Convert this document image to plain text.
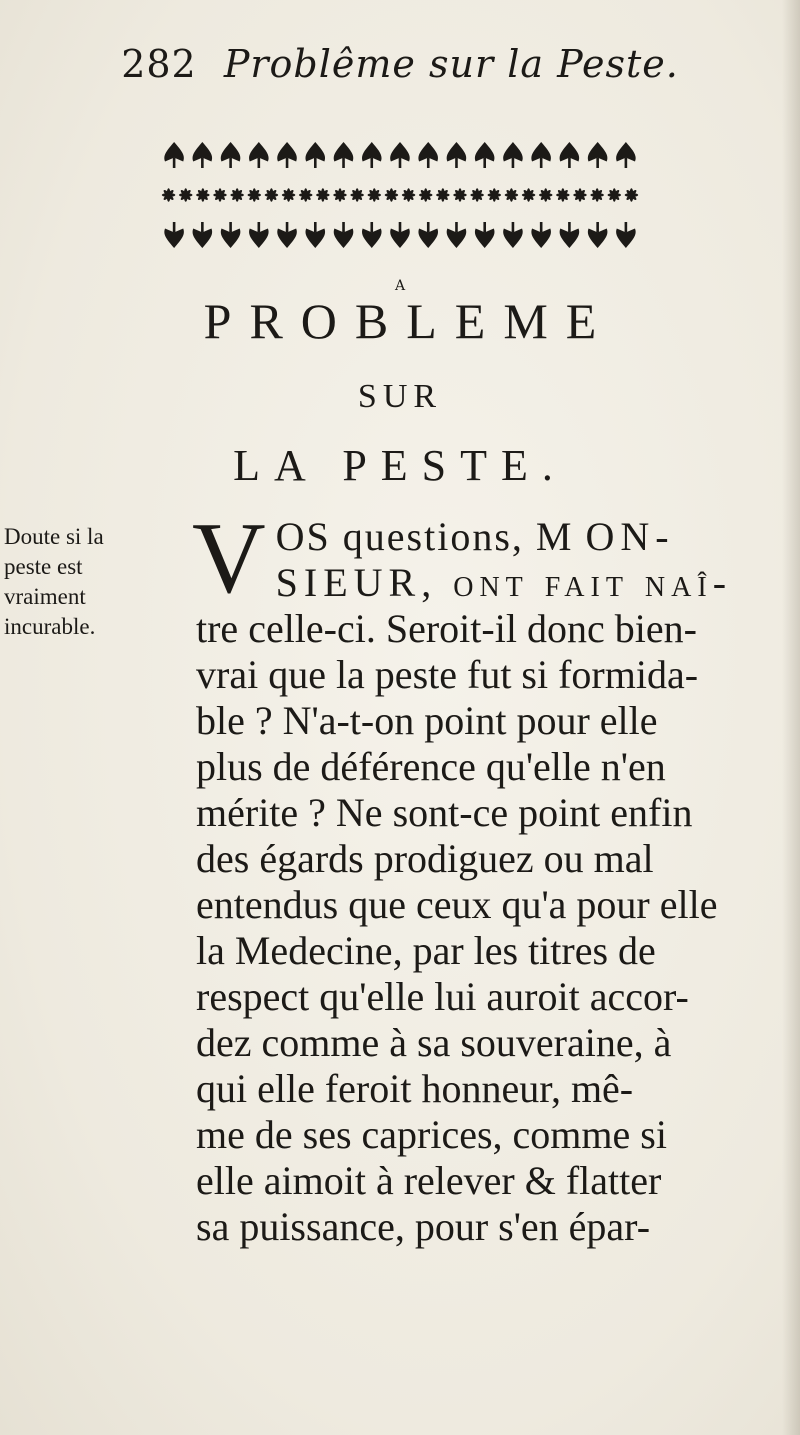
282 Problême sur la Peste.
A
PROBLEME
SUR
LA PESTE.
Doute si la
peste est
vraiment
incurable.
V OS questions, M ON-
SIEUR, ont fait naî-
tre celle-ci. Seroit-il donc bien-
vrai que la peste fut si formida-
ble ? N'a-t-on point pour elle
plus de déférence qu'elle n'en
mérite ? Ne sont-ce point enfin
des égards prodiguez ou mal
entendus que ceux qu'a pour elle
la Medecine, par les titres de
respect qu'elle lui auroit accor-
dez comme à sa souveraine, à
qui elle feroit honneur, mê-
me de ses caprices, comme si
elle aimoit à relever & flatter
sa puissance, pour s'en épar-
